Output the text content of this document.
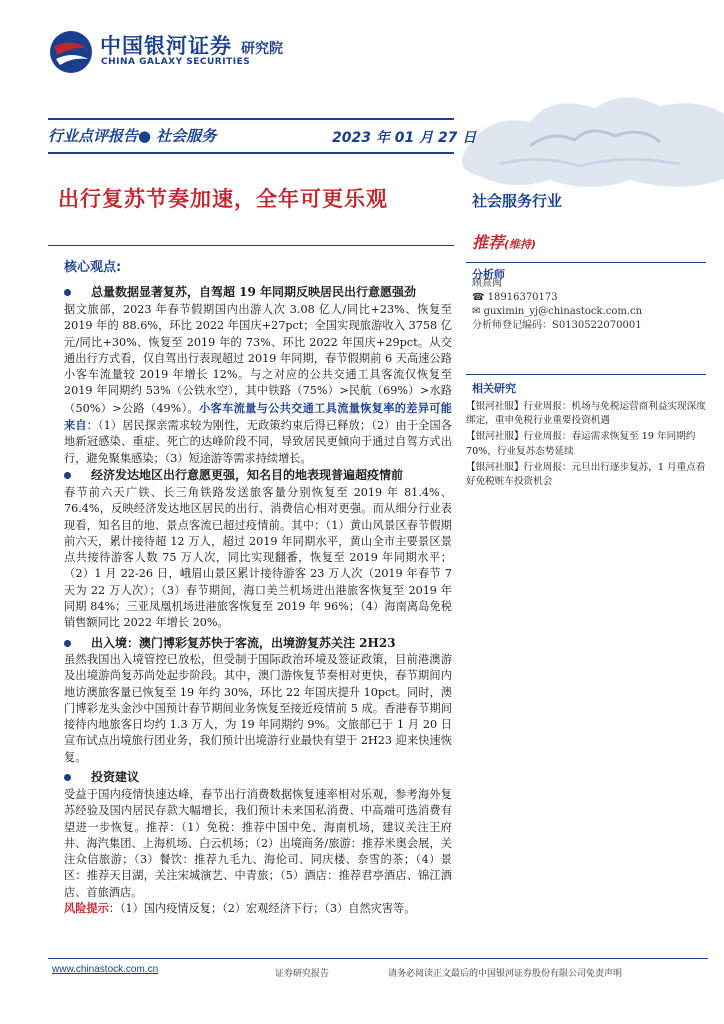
中国银河证券
CHINA GALAXY SECURITIES
研究院
行业点评报告● 社会服务	2023 年 01 月 27 日
出行复苏节奏加速，全年可更乐观	社会服务行业
推荐(维持)
分析师
顾熹闽
☎ 18916370173
✉ guximin_yj@chinastock.com.cn
分析师登记编码：S0130522070001
相关研究
【银河社服】行业周报：机场与免税运营商利益实现深度绑定，重申免税行业重要投资机遇
【银河社服】行业周报：春运需求恢复至 19 年同期约 70%，行业复苏态势延续
【银河社服】行业周报：元旦出行逐步复苏，1 月重点看好免税赃车投资机会
核心观点:
总量数据显著复苏，自驾超 19 年同期反映居民出行意愿强劲
据文旅部，2023 年春节假期国内出游人次 3.08 亿人/同比+23%、恢复至 2019 年的 88.6%，环比 2022 年国庆+27pct；全国实现旅游收入 3758 亿元/同比+30%、恢复至 2019 年的 73%、环比 2022 年国庆+29pct。从交通出行方式看，仅自驾出行表现超过 2019 年同期，春节假期前 6 天高速公路小客车流量较 2019 年增长 12%。与之对应的公共交通工具客流仅恢复至 2019 年同期约 53%（公铁水空），其中铁路（75%）>民航（69%）>水路（50%）>公路（49%）。小客车流量与公共交通工具流量恢复率的差异可能来自：（1）居民探亲需求较为刚性，无政策约束后得已释放；（2）由于全国各地新冠感染、重症、死亡的达峰阶段不同，导致居民更倾向于通过自驾方式出行，避免聚集感染；（3）短途游等需求持续增长。
经济发达地区出行意愿更强，知名目的地表现普遍超疫情前
春节前六天广铁、长三角铁路发送旅客量分别恢复至 2019 年 81.4%、76.4%，反映经济发达地区居民的出行、消费信心相对更强。而从细分行业表现看，知名目的地、景点客流已超过疫情前。其中：（1）黄山风景区春节假期前六天，累计接待超 12 万人，超过 2019 年同期水平，黄山全市主要景区景点共接待游客人数 75 万人次，同比实现翻番，恢复至 2019 年同期水平；（2）1 月 22-26 日，峨眉山景区累计接待游客 23 万人次（2019 年春节 7 天为 22 万人次）；（3）春节期间，海口美兰机场进出港旅客恢复至 2019 年同期 84%；三亚凤凰机场进港旅客恢复至 2019 年 96%；（4）海南离岛免税销售额同比 2022 年增长 20%。
出入境：澳门博彩复苏快于客流，出境游复苏关注 2H23
虽然我国出入境管控已放松，但受制于国际政治环境及签证政策，目前港澳游及出境游尚复苏尚处起步阶段。其中，澳门游恢复节奏相对更快，春节期间内地访澳旅客量已恢复至 19 年约 30%，环比 22 年国庆提升 10pct。同时，澳门博彩龙头金沙中国预计春节期间业务恢复至接近疫情前 5 成。香港春节期间接待内地旅客日均约 1.3 万人，为 19 年同期约 9%。文旅部已于 1 月 20 日宣布试点出境旅行团业务，我们预计出境游行业最快有望于 2H23 迎来快速恢复。
投资建议
受益于国内疫情快速达峰，春节出行消费数据恢复速率相对乐观，参考海外复苏经验及国内居民存款大幅增长，我们预计未来国私消费、中高端可选消费有望进一步恢复。推荐：（1）免税：推荐中国中免、海南机场，建议关注王府井、海汽集团、上海机场、白云机场；（2）出境商务/旅游：推荐米奥会展，关注众信旅游；（3）餐饮：推荐九毛九、海伦司、同庆楼、奈雪的茶；（4）景区：推荐天目湖，关注宋城演艺、中青旅；（5）酒店：推荐君亭酒店、锦江酒店、首旅酒店。
风险提示：（1）国内疫情反复；（2）宏观经济下行；（3）自然灾害等。
www.chinastock.com.cn	证券研究报告	请务必阅读正文最后的中国银河证券股份有限公司免责声明
